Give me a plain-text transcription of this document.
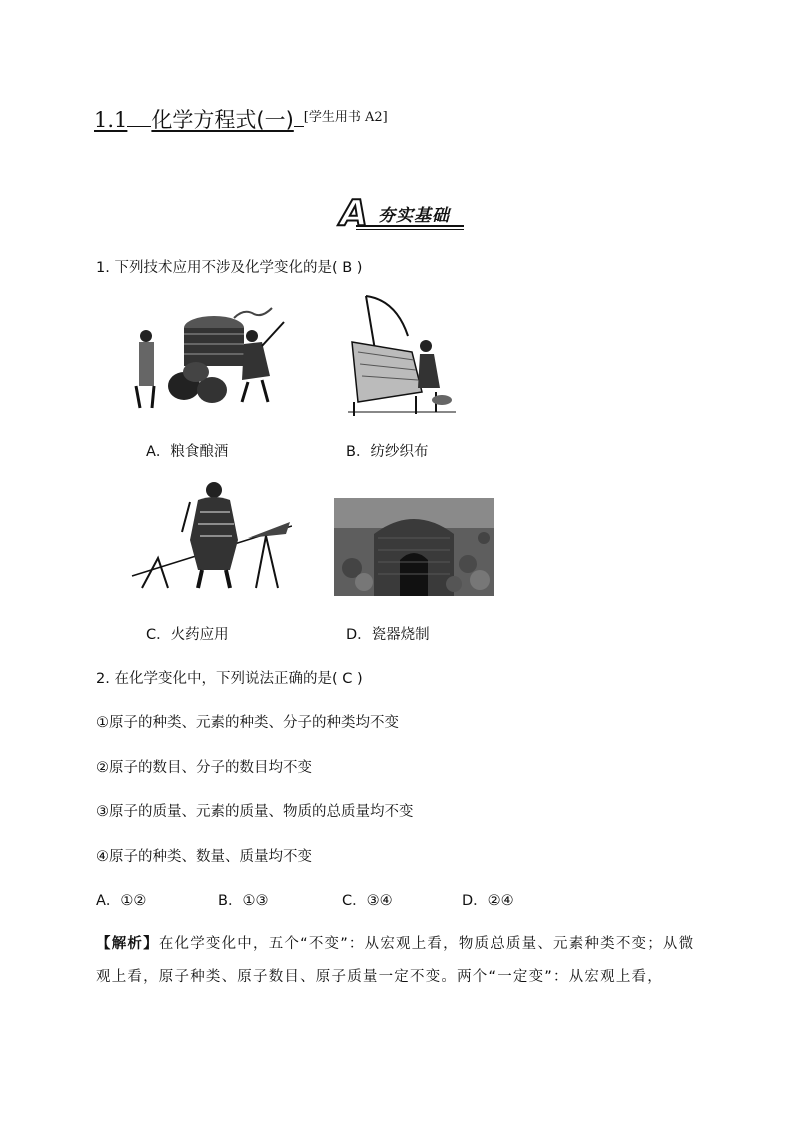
1.1 化学方程式(一) [学生用书 A2]
A 夯实基础
1. 下列技术应用不涉及化学变化的是( B )
A．粮食酿酒	B．纺纱织布
C．火药应用	D．瓷器烧制
2. 在化学变化中，下列说法正确的是( C )
①原子的种类、元素的种类、分子的种类均不变
②原子的数目、分子的数目均不变
③原子的质量、元素的质量、物质的总质量均不变
④原子的种类、数量、质量均不变
A．①②	B．①③	C．③④	D．②④
【解析】在化学变化中，五个“不变”：从宏观上看，物质总质量、元素种类不变；从微观上看，原子种类、原子数目、原子质量一定不变。两个“一定变”：从宏观上看，
